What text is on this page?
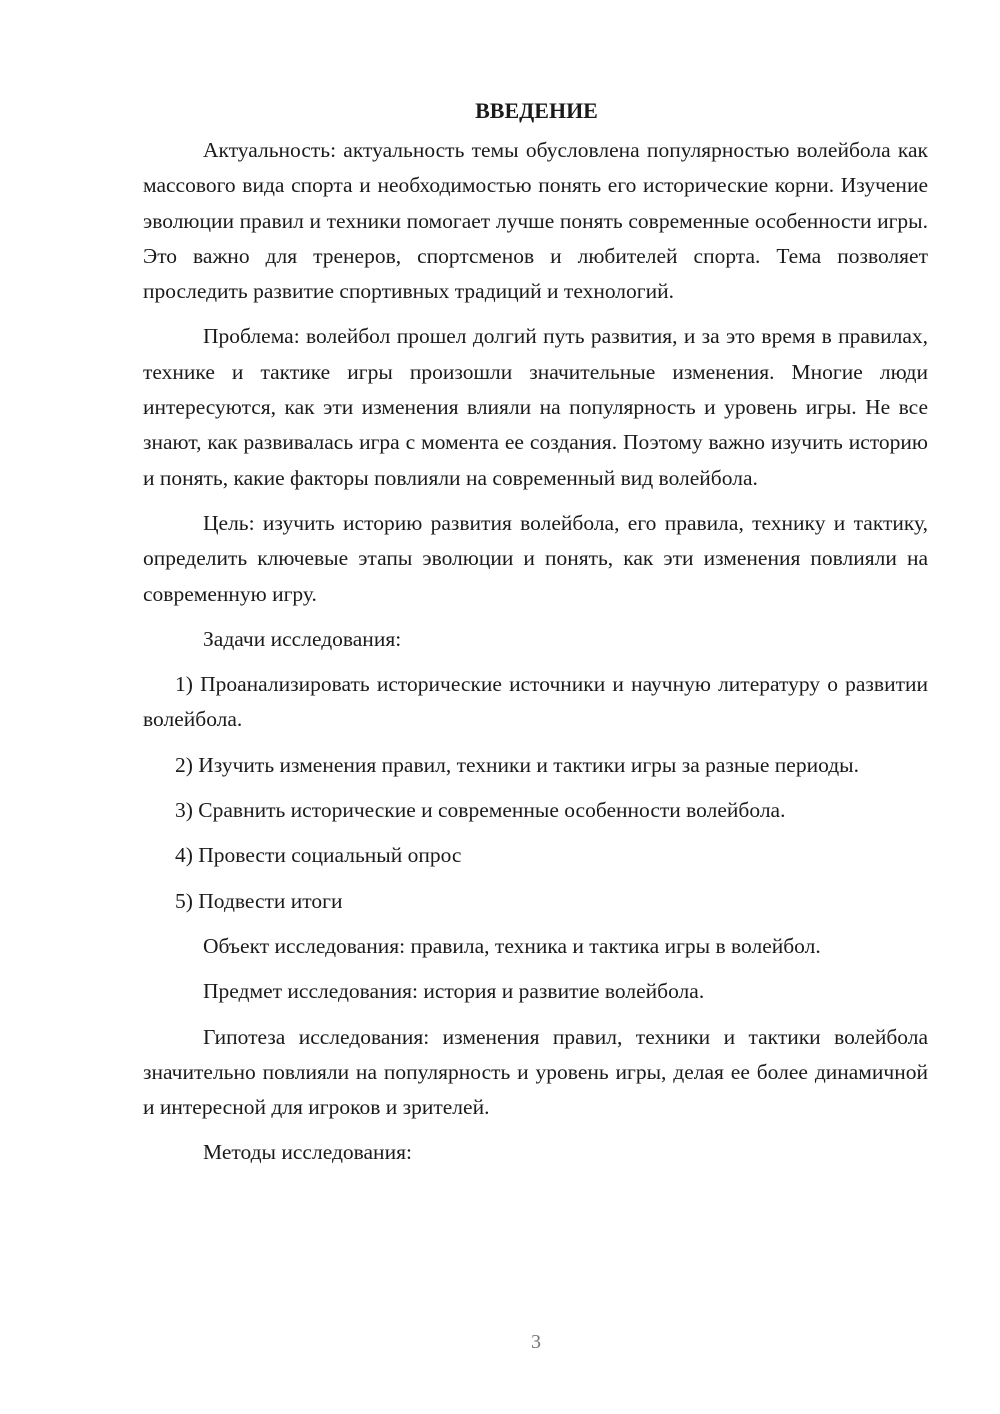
ВВЕДЕНИЕ

Актуальность: актуальность темы обусловлена популярностью волейбола как массового вида спорта и необходимостью понять его исторические корни. Изучение эволюции правил и техники помогает лучше понять современные особенности игры. Это важно для тренеров, спортсменов и любителей спорта. Тема позволяет проследить развитие спортивных традиций и технологий.

Проблема: волейбол прошел долгий путь развития, и за это время в правилах, технике и тактике игры произошли значительные изменения. Многие люди интересуются, как эти изменения влияли на популярность и уровень игры. Не все знают, как развивалась игра с момента ее создания. Поэтому важно изучить историю и понять, какие факторы повлияли на современный вид волейбола.

Цель: изучить историю развития волейбола, его правила, технику и тактику, определить ключевые этапы эволюции и понять, как эти изменения повлияли на современную игру.

Задачи исследования:

1) Проанализировать исторические источники и научную литературу о развитии волейбола.

2) Изучить изменения правил, техники и тактики игры за разные периоды.

3) Сравнить исторические и современные особенности волейбола.

4) Провести социальный опрос

5) Подвести итоги

Объект исследования: правила, техника и тактика игры в волейбол.

Предмет исследования: история и развитие волейбола.

Гипотеза исследования: изменения правил, техники и тактики волейбола значительно повлияли на популярность и уровень игры, делая ее более динамичной и интересной для игроков и зрителей.

Методы исследования:

3
